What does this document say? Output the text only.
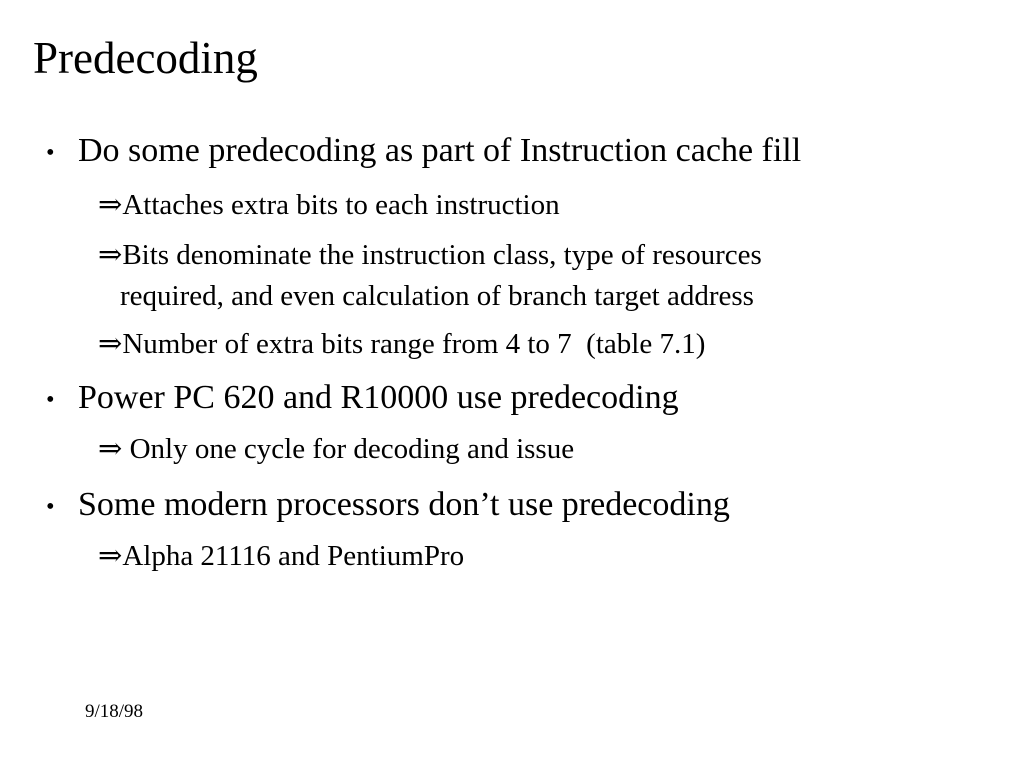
Predecoding
• Do some predecoding as part of Instruction cache fill
⇒Attaches extra bits to each instruction
⇒Bits denominate the instruction class, type of resources
required, and even calculation of branch target address
⇒Number of extra bits range from 4 to 7  (table 7.1)
• Power PC 620 and R10000 use predecoding
⇒ Only one cycle for decoding and issue
• Some modern processors don’t use predecoding
⇒Alpha 21116 and PentiumPro
9/18/98
